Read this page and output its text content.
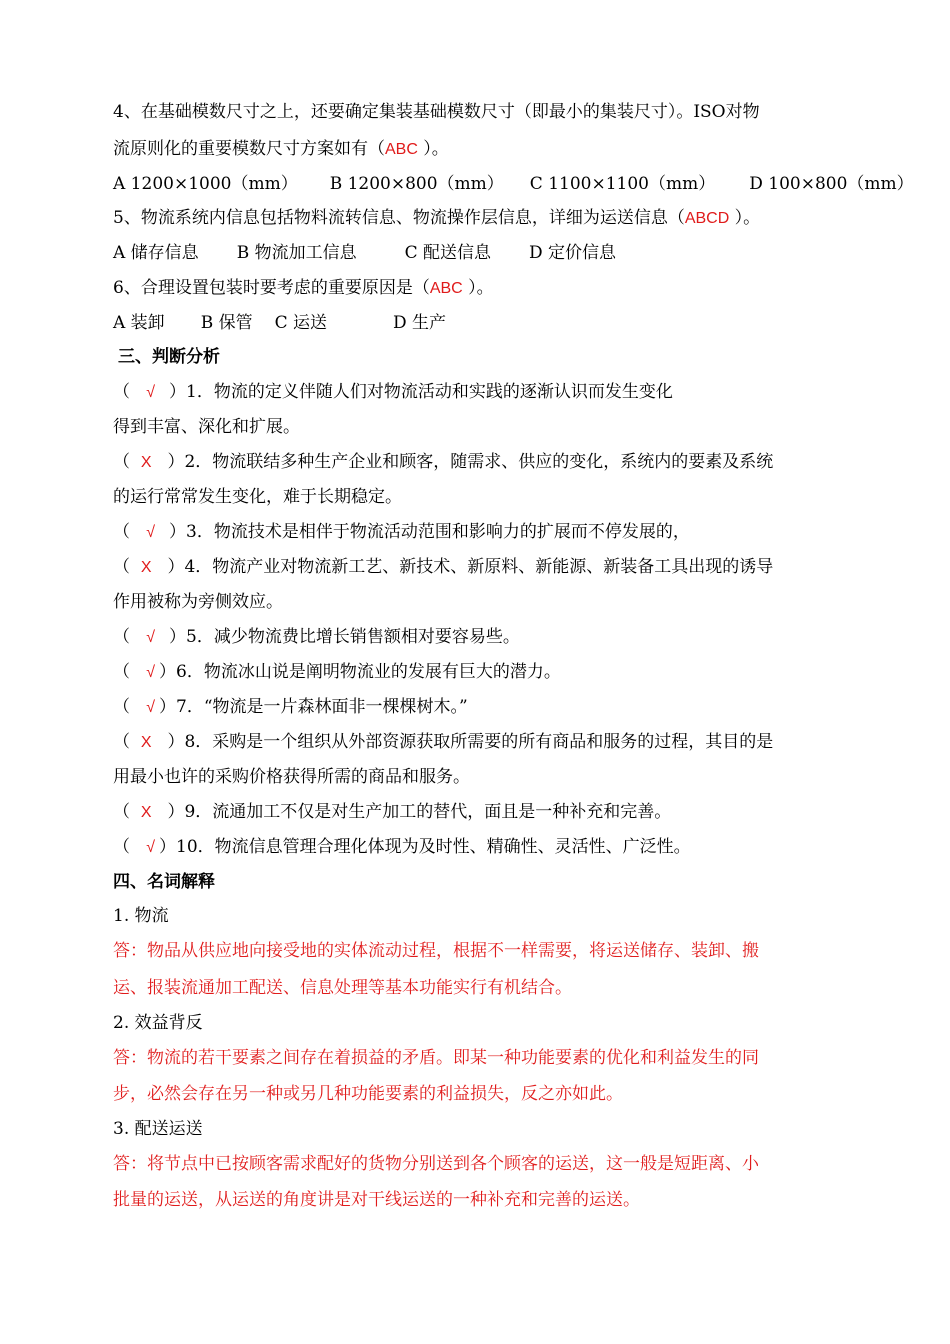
4、在基础模数尺寸之上，还要确定集装基础模数尺寸（即最小的集装尺寸）。ISO对物
流原则化的重要模数尺寸方案如有（ABC ）。
A 1200×1000（mm） B 1200×800（mm） C 1100×1100（mm） D 100×800（mm）
5、物流系统内信息包括物料流转信息、物流操作层信息，详细为运送信息（ABCD ）。
A 储存信息 B 物流加工信息	C 配送信息 D 定价信息
6、合理设置包装时要考虑的重要原因是（ABC ）。
A 装卸 B 保管 C 运送	D 生产
三、判断分析
（   √ ）1．物流的定义伴随人们对物流活动和实践的逐渐认识而发生变化
得到丰富、深化和扩展。
（  X ）2．物流联结多种生产企业和顾客，随需求、供应的变化，系统内的要素及系统
的运行常常发生变化，难于长期稳定。
（   √ ）3．物流技术是相伴于物流活动范围和影响力的扩展而不停发展的，
（  X ）4．物流产业对物流新工艺、新技术、新原料、新能源、新装备工具出现的诱导
作用被称为旁侧效应。
（   √ ）5．减少物流费比增长销售额相对要容易些。
（   √ ）6．物流冰山说是阐明物流业的发展有巨大的潜力。
（   √ ）7．“物流是一片森林面非一棵棵树木。”
（  X ）8．采购是一个组织从外部资源获取所需要的所有商品和服务的过程，其目的是
用最小也许的采购价格获得所需的商品和服务。
（  X ）9．流通加工不仅是对生产加工的替代，面且是一种补充和完善。
（   √ ）10．物流信息管理合理化体现为及时性、精确性、灵活性、广泛性。
四、名词解释
1. 物流
答：物品从供应地向接受地的实体流动过程，根据不一样需要，将运送储存、装卸、搬
运、报装流通加工配送、信息处理等基本功能实行有机结合。
2. 效益背反
答：物流的若干要素之间存在着损益的矛盾。即某一种功能要素的优化和利益发生的同
步，必然会存在另一种或另几种功能要素的利益损失，反之亦如此。
3. 配送运送
答：将节点中已按顾客需求配好的货物分别送到各个顾客的运送，这一般是短距离、小
批量的运送，从运送的角度讲是对干线运送的一种补充和完善的运送。
